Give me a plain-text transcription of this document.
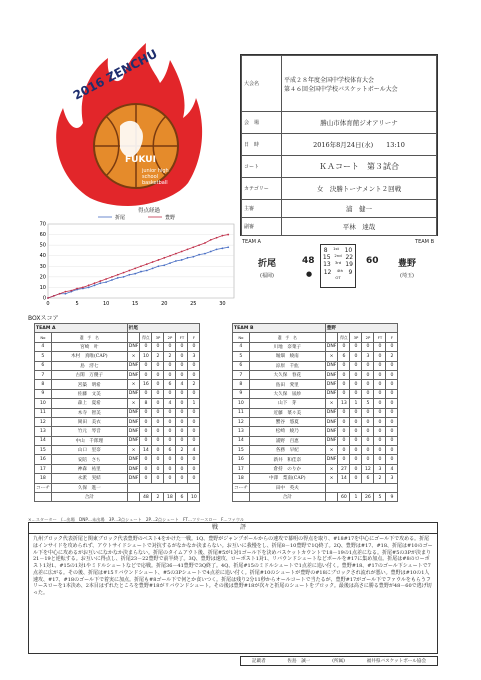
2016 ZENCHU
FUKUI
junior high
school
basketball
大会名	平成２８年度全国中学校体育大会
第４６回全国中学校バスケットボール大会

会　場	勝山市体育館ジオアリーナ
日　時	2016年8月24日(水)　　13:10
コート	ＫＡコート　第３試合
カテゴリー	女　決勝トーナメント２回戦
主審	浦　健一
副審	平林　達哉
得点経過
0
10
20
30
40
50
60
70
0	5	10	15	20	25	30
折尾	豊野
TEAM A	TEAM B
折尾
(福岡)
48
●
8 1st 10
15 2nd 22
13 3rd 19
12 4th 9
OT
60 豊野
(埼玉)
BOXスコア
TEAM A		折尾					
No	選　手　名		得点	3P	2P	FT	F
4	宮崎　叶	DNF	0	0	0	0	0
5	木村　真唯(CAP)	×	10	2	2	0	3
6	島　澪七	DNF	0	0	0	0	0
7	古閑　万優子	DNF	0	0	0	0	0
8	宮築　明希	×	16	0	6	4	2
9	佐藤　文美	DNF	0	0	0	0	0
10	森上　夏希	×	8	0	4	0	1
11	木寺　智美	DNF	0	0	0	0	0
12	岡田　美衣	DNF	0	0	0	0	0
13	竹元　琴音	DNF	0	0	0	0	0
14	中山　千郎理	DNF	0	0	0	0	0
15	山口　里奈	×	14	0	6	2	4
16	安陪　さち	DNF	0	0	0	0	0
17	神森　祐里	DNF	0	0	0	0	0
18	永派　実結	DNF	0	0	0	0	0
コーチ	久保　進一						
	合計		48	2	18	6	10
TEAM B		豊野					
No	選　手　名		得点	3P	2P	FT	F
4	川地　奈菜子	DNF	0	0	0	0	0
5	堀畑　綾南	×	6	0	3	0	2
6	涼原　千紘	DNF	0	0	0	0	0
7	大久保　春花	DNF	0	0	0	0	0
8	島田　愛里	DNF	0	0	0	0	0
9	大久保　凪紗	DNF	0	0	0	0	0
10	山下　芽	×	13	1	5	0	0
11	近藤　菜々美	DNF	0	0	0	0	0
12	蟹谷　悠夏	DNF	0	0	0	0	0
13	松崎　綾乃	DNF	0	0	0	0	0
14	浦野　百恵	DNF	0	0	0	0	0
15	各務　早紀	×	0	0	0	0	0
16	新井　和佳奈	DNF	0	0	0	0	0
17	倉持　のりか	×	27	0	12	3	4
18	中澤　梨南(CAP)	×	14	0	6	2	3
コーチ	田中　英夫						
	合計		60	1	26	5	9
×…スターター　/…出場　DNP…未出場　3P…3点シュート　2P…2点シュート　FT…フリースロー　F…ファウル
戦　評
九州ブロック代表折尾と関東ブロック代表豊野のベスト4をかけた一戦。1Q、豊野がジャンプボールからの速攻で幕明の得点を取り、#18#17を中心にゴール下で攻める。折尾はインサイドを攻められず、アウトサイドシュートで対抗するがなかなか決まらない。お互いに我慢をし、折尾8－10豊野で1Q終了。2Q、豊野は#17、#18、折尾は#10のゴール下を中心に攻めるがお互いになかなか決まらない。折尾のタイムアウト後、折尾#5が1対1ゴール下を決めバスケットカウントで18－19の1点差になる。折尾#5の3Pが決まり21－19と逆転する。お互いに得点し、折尾23－22豊野で前半終了。3Q、豊野は速攻、ローポスト1対1、リバウンドシュートなどボールを#17に集め加点。折尾は#8のローポスト1対1、#15の1対1やミドルシュートなどで応戦。折尾36－41豊野で3Q終了。4Q、折尾#15のミドルシュートで1点差に追い付く。豊野#18、#17のゴール下シュートで7点差に広がる。その後、折尾は#15リバウンドシュート、#5の3Pシュートで4点差に追い付く。折尾#10のシュートが豊野の#18にブロックされ流れが悪い。豊野は#10の1人速攻、#17、#18のゴール下で着実に加点。折尾も#8ゴール下で何とか食いつく。折尾は残り2分11秒からオールコートで当たるが、豊野#17がゴール下でファウルをもらうフリースローを1本決め、2本目はずれたところを豊野#18がリバウンドシュート。その後は豊野#18が次々と折尾のシュートをブロック。最後は高さに勝る豊野が48－60で逃げ切った。
記載者	佐島　誠一	(所属)	福井県バスケットボール協会
